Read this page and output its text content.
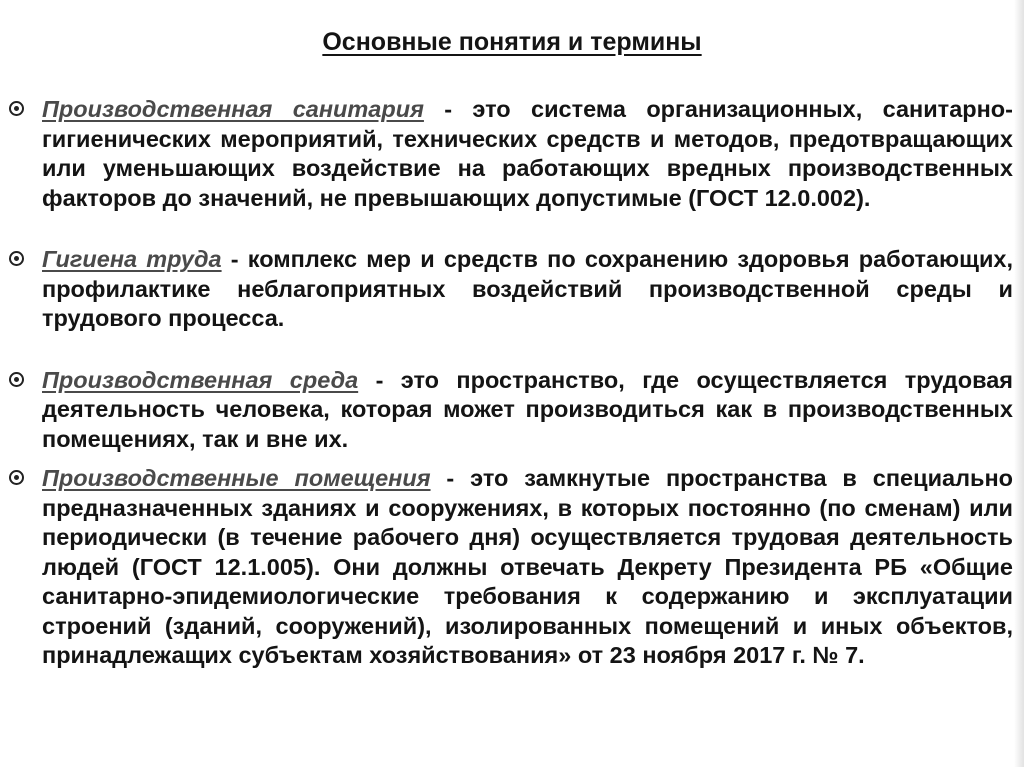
Основные понятия и термины
Производственная санитария - это система организационных, санитарно-гигиенических мероприятий, технических средств и методов, предотвращающих или уменьшающих воздействие на работающих вредных производственных факторов до значений, не превышающих допустимые (ГОСТ 12.0.002).
Гигиена труда - комплекс мер и средств по сохранению здоровья работающих, профилактике неблагоприятных воздействий производственной среды и трудового процесса.
Производственная среда - это пространство, где осуществляется трудовая деятельность человека, которая может производиться как в производственных помещениях, так и вне их.
Производственные помещения - это замкнутые пространства в специально предназначенных зданиях и сооружениях, в которых постоянно (по сменам) или периодически (в течение рабочего дня) осуществляется трудовая деятельность людей (ГОСТ 12.1.005). Они должны отвечать Декрету Президента РБ «Общие санитарно-эпидемиологические требования к содержанию и эксплуатации строений (зданий, сооружений), изолированных помещений и иных объектов, принадлежащих субъектам хозяйствования» от 23 ноября 2017 г. № 7.
